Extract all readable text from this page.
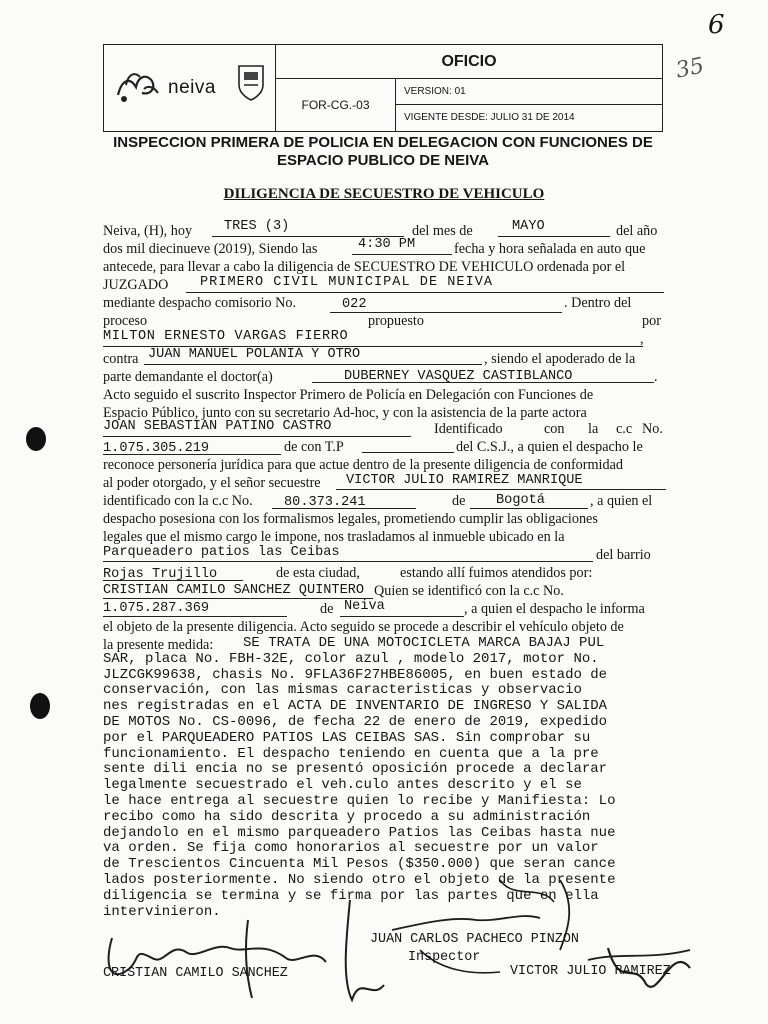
6
35
neiva
OFICIO
FOR-CG.-03
VERSION: 01
VIGENTE DESDE: JULIO 31 DE 2014
INSPECCION PRIMERA DE POLICIA EN DELEGACION CON FUNCIONES DE
ESPACIO PUBLICO DE NEIVA
DILIGENCIA DE SECUESTRO DE VEHICULO
Neiva, (H), hoy TRES (3)	del mes de	MAYO	del año
dos mil diecinueve (2019), Siendo las	4:30 PM	fecha y hora señalada en auto que
antecede, para llevar a cabo la diligencia de SECUESTRO DE VEHICULO ordenada por el
JUZGADO PRIMERO CIVIL MUNICIPAL DE NEIVA
mediante despacho comisorio No.	022	. Dentro del
proceso	propuesto	por
MILTON ERNESTO VARGAS FIERRO	,
contra JUAN MANUEL POLANIA Y OTRO	, siendo el apoderado de la
parte demandante el doctor(a)	DUBERNEY VASQUEZ CASTIBLANCO	.
Acto seguido el suscrito Inspector Primero de Policía en Delegación con Funciones de
Espacio Público, junto con su secretario Ad-hoc, y con la asistencia de la parte actora
JOAN SEBASTIAN PATINO CASTRO	Identificado	con la c.c No.
1.075.305.219	de con T.P	del C.S.J., a quien el despacho le
reconoce personería jurídica para que actue dentro de la presente diligencia de conformidad
al poder otorgado, y el señor secuestre VICTOR JULIO RAMIREZ MANRIQUE
identificado con la c.c No. 80.373.241	de Bogotá	, a quien el
despacho posesiona con los formalismos legales, prometiendo cumplir las obligaciones
legales que el mismo cargo le impone, nos trasladamos al inmueble ubicado en la
Parqueadero patios las Ceibas	del barrio
Rojas Trujillo	de esta ciudad,	estando allí fuimos atendidos por:
CRISTIAN CAMILO SANCHEZ QUINTERO Quien se identificó con la c.c No.
1.075.287.369	de Neiva	, a quien el despacho le informa
el objeto de la presente diligencia. Acto seguido se procede a describir el vehículo objeto de
la presente medida:	SE TRATA DE UNA MOTOCICLETA MARCA BAJAJ PUL
SAR, placa No. FBH-32E, color azul , modelo 2017, motor No.
JLZCGK99638, chasis No. 9FLA36F27HBE86005, en buen estado de
conservación, con las mismas caracteristicas y observacio
nes registradas en el ACTA DE INVENTARIO DE INGRESO Y SALIDA
DE MOTOS No. CS-0096, de fecha 22 de enero de 2019, expedido
por el PARQUEADERO PATIOS LAS CEIBAS SAS. Sin comprobar su
funcionamiento. El despacho teniendo en cuenta que a la pre
sente dili encia no se presentó oposición procede a declarar
legalmente secuestrado el veh.culo antes descrito y el se
le hace entrega al secuestre quien lo recibe y Manifiesta: Lo
recibo como ha sido descrita y procedo a su administración
dejandolo en el mismo parqueadero Patios las Ceibas hasta nue
va orden. Se fija como honorarios al secuestre por un valor
de Trescientos Cincuenta Mil Pesos ($350.000) que seran cance
lados posteriormente. No siendo otro el objeto de la presente
diligencia se termina y se firma por las partes que en ella
intervinieron.
JUAN CARLOS PACHECO PINZON
Inspector
CRISTIAN CAMILO SANCHEZ	VICTOR JULIO RAMIREZ
